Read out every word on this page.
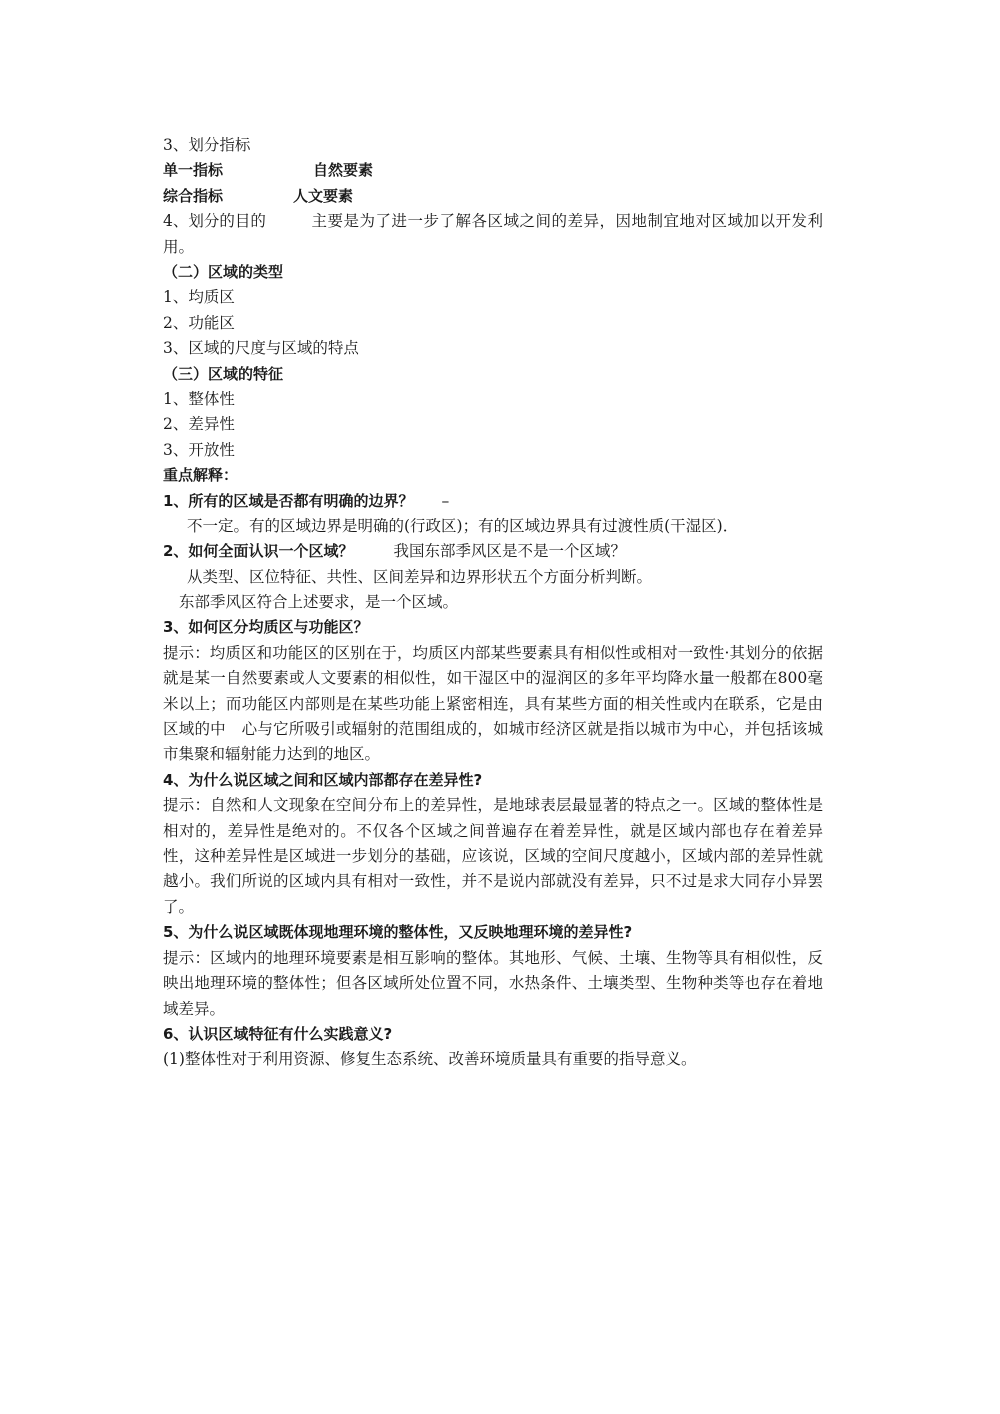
3、划分指标
单一指标	自然要素
综合指标	人文要素
4、划分的目的	主要是为了进一步了解各区域之间的差异，因地制宜地对区域加以开发利用。
（二）区域的类型
1、均质区
2、功能区
3、区域的尺度与区域的特点
（三）区域的特征
1、整体性
2、差异性
3、开放性
重点解释：
1、所有的区域是否都有明确的边界？ –
不一定。有的区域边界是明确的(行政区)；有的区域边界具有过渡性质(干湿区)．
2、如何全面认识一个区域？	我国东部季风区是不是一个区域？
从类型、区位特征、共性、区间差异和边界形状五个方面分析判断。
东部季风区符合上述要求，是一个区域。
3、如何区分均质区与功能区？
提示：均质区和功能区的区别在于，均质区内部某些要素具有相似性或相对一致性·其划分的依据就是某一自然要素或人文要素的相似性，如干湿区中的湿润区的多年平均降水量一般都在800毫米以上；而功能区内部则是在某些功能上紧密相连，具有某些方面的相关性或内在联系，它是由区域的中　心与它所吸引或辐射的范围组成的，如城市经济区就是指以城市为中心，并包括该城市集聚和辐射能力达到的地区。
4、为什么说区域之间和区域内部都存在差异性?
提示：自然和人文现象在空间分布上的差异性，是地球表层最显著的特点之一。区域的整体性是相对的，差异性是绝对的。不仅各个区域之间普遍存在着差异性，就是区域内部也存在着差异性，这种差异性是区域进一步划分的基础，应该说，区域的空间尺度越小，区域内部的差异性就越小。我们所说的区域内具有相对一致性，并不是说内部就没有差异，只不过是求大同存小异罢了。
5、为什么说区域既体现地理环境的整体性，又反映地理环境的差异性?
提示：区域内的地理环境要素是相互影响的整体。其地形、气候、土壤、生物等具有相似性，反映出地理环境的整体性；但各区域所处位置不同，水热条件、土壤类型、生物种类等也存在着地域差异。
6、认识区域特征有什么实践意义?
(1)整体性对于利用资源、修复生态系统、改善环境质量具有重要的指导意义。
